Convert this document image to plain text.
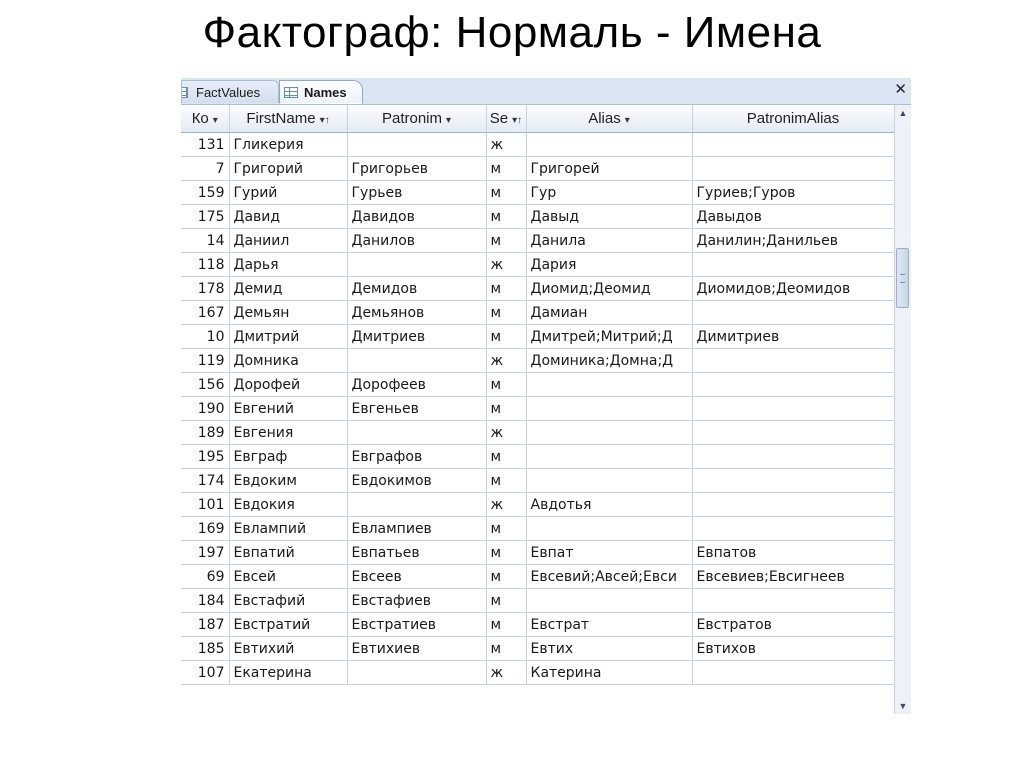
Фактограф: Нормаль - Имена
FactValues	Names	✕
Ко ▾	FirstName ▾↑	Patronim ▾	Se ▾↑	Alias ▾	PatronimAlias
131	Гликерия		ж		
7	Григорий	Григорьев	м	Григорей	
159	Гурий	Гурьев	м	Гур	Гуриев;Гуров
175	Давид	Давидов	м	Давыд	Давыдов
14	Даниил	Данилов	м	Данила	Данилин;Данильев
118	Дарья		ж	Дария	
178	Демид	Демидов	м	Диомид;Деомид	Диомидов;Деомидов
167	Демьян	Демьянов	м	Дамиан	
10	Дмитрий	Дмитриев	м	Дмитрей;Митрий;Д	Димитриев
119	Домника		ж	Доминика;Домна;Д	
156	Дорофей	Дорофеев	м		
190	Евгений	Евгеньев	м		
189	Евгения		ж		
195	Евграф	Евграфов	м		
174	Евдоким	Евдокимов	м		
101	Евдокия		ж	Авдотья	
169	Евлампий	Евлампиев	м		
197	Евпатий	Евпатьев	м	Евпат	Евпатов
69	Евсей	Евсеев	м	Евсевий;Авсей;Евси	Евсевиев;Евсигнеев
184	Евстафий	Евстафиев	м		
187	Евстратий	Евстратиев	м	Евстрат	Евстратов
185	Евтихий	Евтихиев	м	Евтих	Евтихов
107	Екатерина		ж	Катерина	
▲
▼
